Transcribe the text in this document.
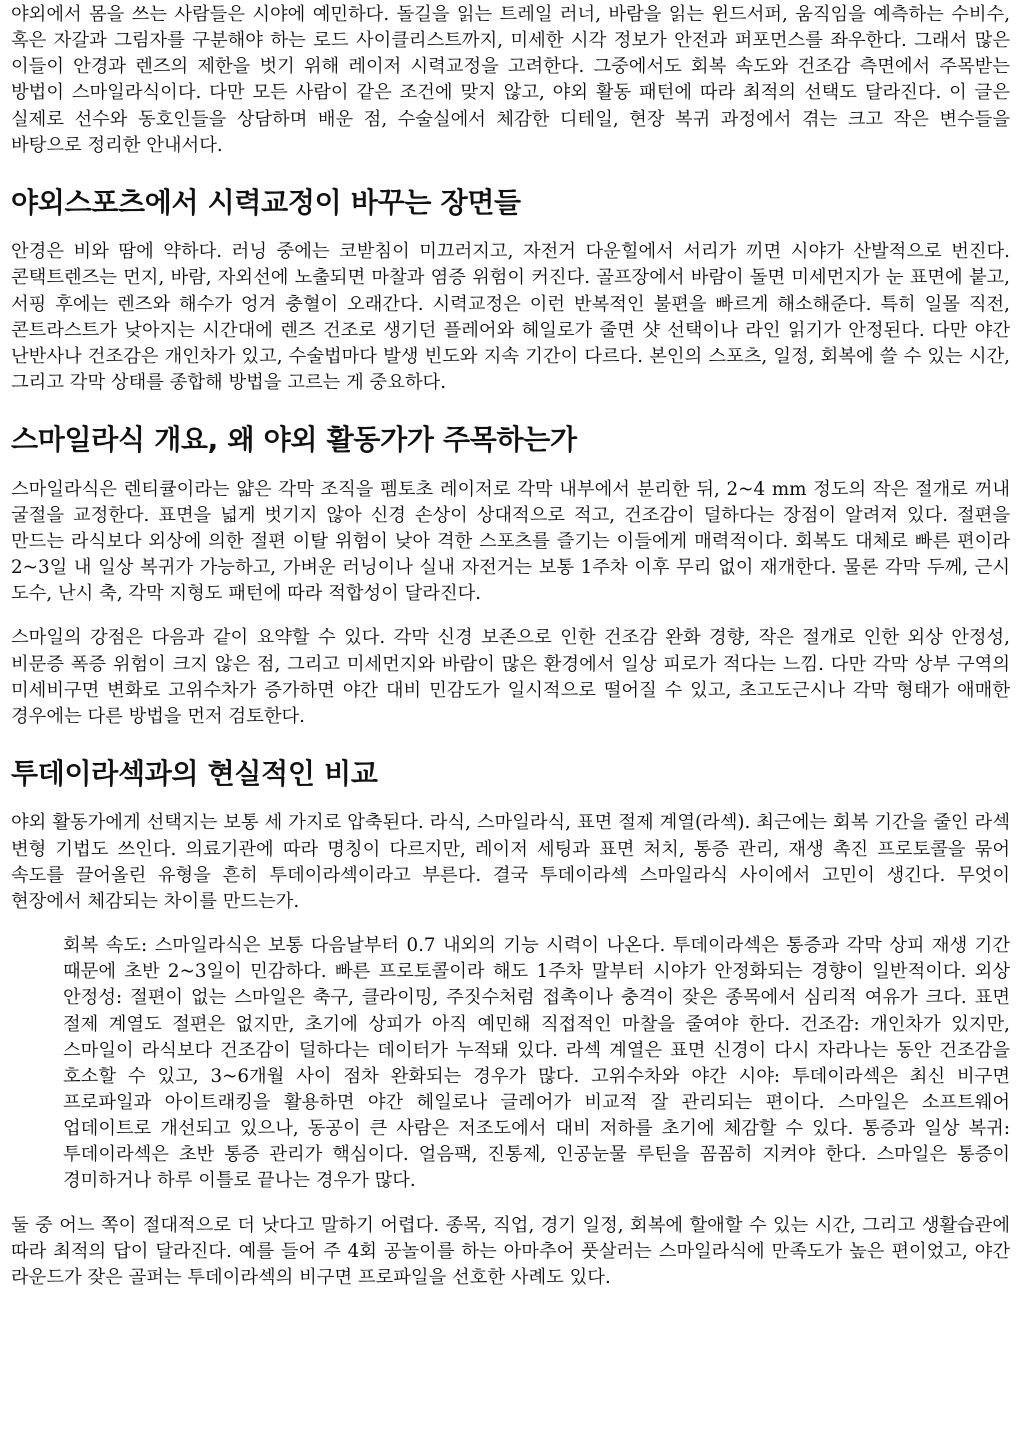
야외에서 몸을 쓰는 사람들은 시야에 예민하다. 돌길을 읽는 트레일 러너, 바람을 읽는 윈드서퍼, 움직임을 예측하는 수비수, 혹은 자갈과 그림자를 구분해야 하는 로드 사이클리스트까지, 미세한 시각 정보가 안전과 퍼포먼스를 좌우한다. 그래서 많은 이들이 안경과 렌즈의 제한을 벗기 위해 레이저 시력교정을 고려한다. 그중에서도 회복 속도와 건조감 측면에서 주목받는 방법이 스마일라식이다. 다만 모든 사람이 같은 조건에 맞지 않고, 야외 활동 패턴에 따라 최적의 선택도 달라진다. 이 글은 실제로 선수와 동호인들을 상담하며 배운 점, 수술실에서 체감한 디테일, 현장 복귀 과정에서 겪는 크고 작은 변수들을 바탕으로 정리한 안내서다.

야외스포츠에서 시력교정이 바꾸는 장면들

안경은 비와 땀에 약하다. 러닝 중에는 코받침이 미끄러지고, 자전거 다운힐에서 서리가 끼면 시야가 산발적으로 번진다. 콘택트렌즈는 먼지, 바람, 자외선에 노출되면 마찰과 염증 위험이 커진다. 골프장에서 바람이 돌면 미세먼지가 눈 표면에 붙고, 서핑 후에는 렌즈와 해수가 엉겨 충혈이 오래간다. 시력교정은 이런 반복적인 불편을 빠르게 해소해준다. 특히 일몰 직전, 콘트라스트가 낮아지는 시간대에 렌즈 건조로 생기던 플레어와 헤일로가 줄면 샷 선택이나 라인 읽기가 안정된다. 다만 야간 난반사나 건조감은 개인차가 있고, 수술법마다 발생 빈도와 지속 기간이 다르다. 본인의 스포츠, 일정, 회복에 쓸 수 있는 시간, 그리고 각막 상태를 종합해 방법을 고르는 게 중요하다.

스마일라식 개요, 왜 야외 활동가가 주목하는가

스마일라식은 렌티큘이라는 얇은 각막 조직을 펨토초 레이저로 각막 내부에서 분리한 뒤, 2~4 mm 정도의 작은 절개로 꺼내 굴절을 교정한다. 표면을 넓게 벗기지 않아 신경 손상이 상대적으로 적고, 건조감이 덜하다는 장점이 알려져 있다. 절편을 만드는 라식보다 외상에 의한 절편 이탈 위험이 낮아 격한 스포츠를 즐기는 이들에게 매력적이다. 회복도 대체로 빠른 편이라 2~3일 내 일상 복귀가 가능하고, 가벼운 러닝이나 실내 자전거는 보통 1주차 이후 무리 없이 재개한다. 물론 각막 두께, 근시 도수, 난시 축, 각막 지형도 패턴에 따라 적합성이 달라진다.

스마일의 강점은 다음과 같이 요약할 수 있다. 각막 신경 보존으로 인한 건조감 완화 경향, 작은 절개로 인한 외상 안정성, 비문증 폭증 위험이 크지 않은 점, 그리고 미세먼지와 바람이 많은 환경에서 일상 피로가 적다는 느낌. 다만 각막 상부 구역의 미세비구면 변화로 고위수차가 증가하면 야간 대비 민감도가 일시적으로 떨어질 수 있고, 초고도근시나 각막 형태가 애매한 경우에는 다른 방법을 먼저 검토한다.

투데이라섹과의 현실적인 비교

야외 활동가에게 선택지는 보통 세 가지로 압축된다. 라식, 스마일라식, 표면 절제 계열(라섹). 최근에는 회복 기간을 줄인 라섹 변형 기법도 쓰인다. 의료기관에 따라 명칭이 다르지만, 레이저 세팅과 표면 처치, 통증 관리, 재생 촉진 프로토콜을 묶어 속도를 끌어올린 유형을 흔히 투데이라섹이라고 부른다. 결국 투데이라섹 스마일라식 사이에서 고민이 생긴다. 무엇이 현장에서 체감되는 차이를 만드는가.

회복 속도: 스마일라식은 보통 다음날부터 0.7 내외의 기능 시력이 나온다. 투데이라섹은 통증과 각막 상피 재생 기간 때문에 초반 2~3일이 민감하다. 빠른 프로토콜이라 해도 1주차 말부터 시야가 안정화되는 경향이 일반적이다. 외상 안정성: 절편이 없는 스마일은 축구, 클라이밍, 주짓수처럼 접촉이나 충격이 잦은 종목에서 심리적 여유가 크다. 표면 절제 계열도 절편은 없지만, 초기에 상피가 아직 예민해 직접적인 마찰을 줄여야 한다. 건조감: 개인차가 있지만, 스마일이 라식보다 건조감이 덜하다는 데이터가 누적돼 있다. 라섹 계열은 표면 신경이 다시 자라나는 동안 건조감을 호소할 수 있고, 3~6개월 사이 점차 완화되는 경우가 많다. 고위수차와 야간 시야: 투데이라섹은 최신 비구면 프로파일과 아이트래킹을 활용하면 야간 헤일로나 글레어가 비교적 잘 관리되는 편이다. 스마일은 소프트웨어 업데이트로 개선되고 있으나, 동공이 큰 사람은 저조도에서 대비 저하를 초기에 체감할 수 있다. 통증과 일상 복귀: 투데이라섹은 초반 통증 관리가 핵심이다. 얼음팩, 진통제, 인공눈물 루틴을 꼼꼼히 지켜야 한다. 스마일은 통증이 경미하거나 하루 이틀로 끝나는 경우가 많다.

둘 중 어느 쪽이 절대적으로 더 낫다고 말하기 어렵다. 종목, 직업, 경기 일정, 회복에 할애할 수 있는 시간, 그리고 생활습관에 따라 최적의 답이 달라진다. 예를 들어 주 4회 공놀이를 하는 아마추어 풋살러는 스마일라식에 만족도가 높은 편이었고, 야간 라운드가 잦은 골퍼는 투데이라섹의 비구면 프로파일을 선호한 사례도 있다.
